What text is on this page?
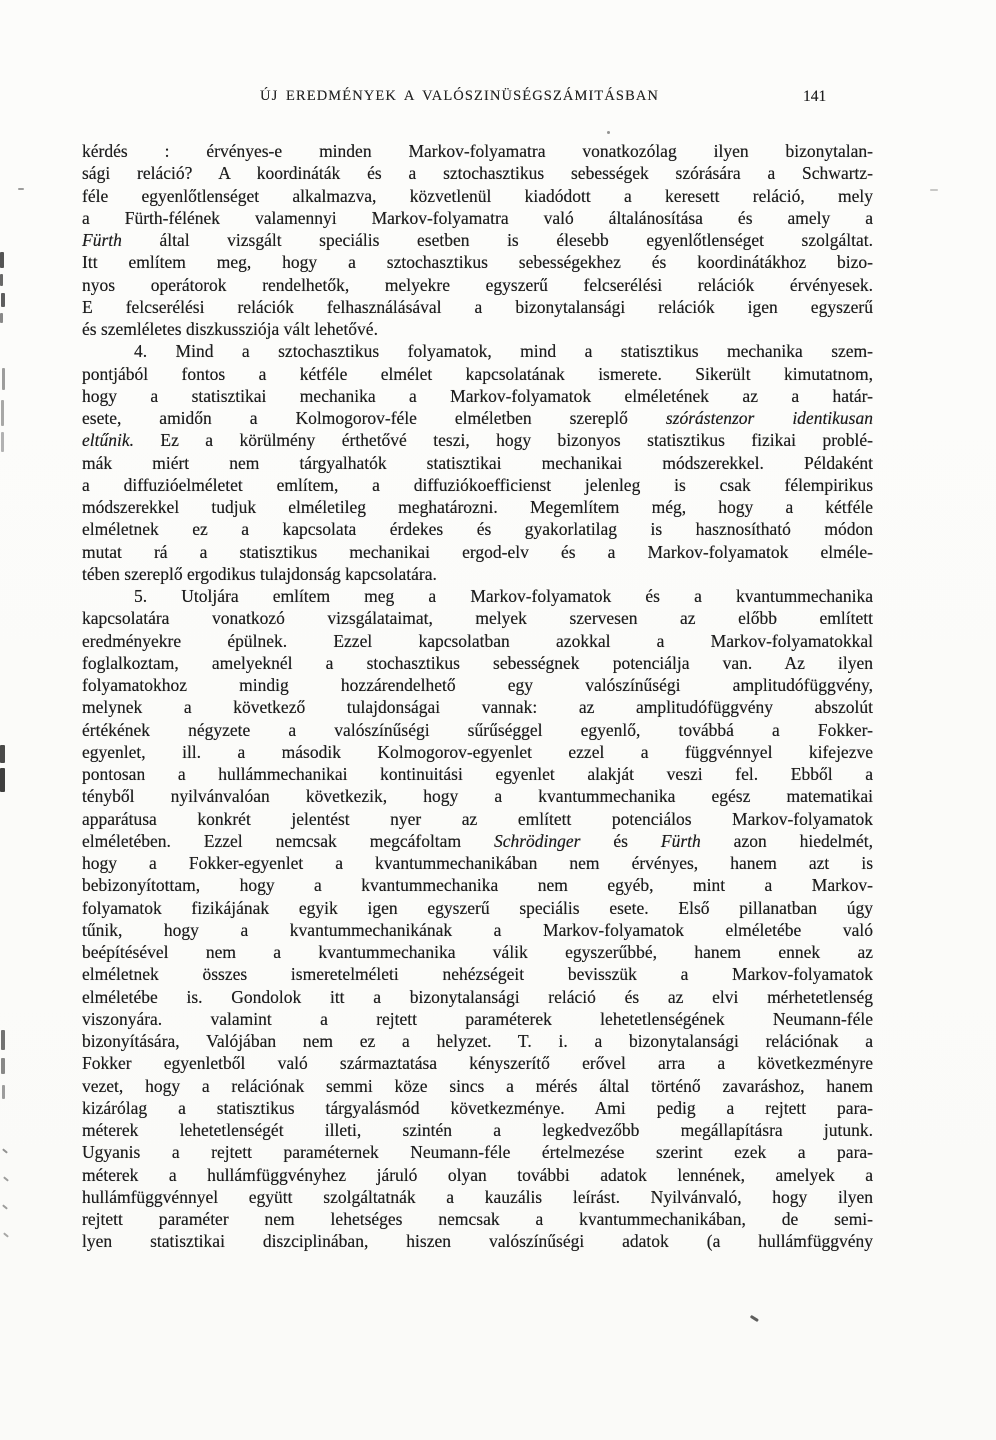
ÚJ EREDMÉNYEK A VALÓSZINÜSÉGSZÁMITÁSBAN	141
kérdés : érvényes-e minden Markov-folyamatra vonatkozólag ilyen bizonytalan-
sági reláció? A koordináták és a sztochasztikus sebességek szórására a Schwartz-
féle egyenlőtlenséget alkalmazva, közvetlenül kiadódott a keresett reláció, mely
a Fürth-félének valamennyi Markov-folyamatra való általánosítása és amely a
Fürth által vizsgált speciális esetben is élesebb egyenlőtlenséget szolgáltat.
Itt említem meg, hogy a sztochasztikus sebességekhez és koordinátákhoz bizo-
nyos operátorok rendelhetők, melyekre egyszerű felcserélési relációk érvényesek.
E felcserélési relációk felhasználásával a bizonytalansági relációk igen egyszerű
és szemléletes diszkussziója vált lehetővé.
4. Mind a sztochasztikus folyamatok, mind a statisztikus mechanika szem-
pontjából fontos a kétféle elmélet kapcsolatának ismerete. Sikerült kimutatnom,
hogy a statisztikai mechanika a Markov-folyamatok elméletének az a határ-
esete, amidőn a Kolmogorov-féle elméletben szereplő szórástenzor identikusan
eltűnik. Ez a körülmény érthetővé teszi, hogy bizonyos statisztikus fizikai problé-
mák miért nem tárgyalhatók statisztikai mechanikai módszerekkel. Példaként
a diffuzióelméletet említem, a diffuziókoefficienst jelenleg is csak félempirikus
módszerekkel tudjuk elméletileg meghatározni. Megemlítem még, hogy a kétféle
elméletnek ez a kapcsolata érdekes és gyakorlatilag is hasznosítható módon
mutat rá a statisztikus mechanikai ergod-elv és a Markov-folyamatok elméle-
tében szereplő ergodikus tulajdonság kapcsolatára.
5. Utoljára említem meg a Markov-folyamatok és a kvantummechanika
kapcsolatára vonatkozó vizsgálataimat, melyek szervesen az előbb említett
eredményekre épülnek. Ezzel kapcsolatban azokkal a Markov-folyamatokkal
foglalkoztam, amelyeknél a stochasztikus sebességnek potenciálja van. Az ilyen
folyamatokhoz mindig hozzárendelhető egy valószínűségi amplitudófüggvény,
melynek a következő tulajdonságai vannak: az amplitudófüggvény abszolút
értékének négyzete a valószínűségi sűrűséggel egyenlő, továbbá a Fokker-
egyenlet, ill. a második Kolmogorov-egyenlet ezzel a függvénnyel kifejezve
pontosan a hullámmechanikai kontinuitási egyenlet alakját veszi fel. Ebből a
tényből nyilvánvalóan következik, hogy a kvantummechanika egész matematikai
apparátusa konkrét jelentést nyer az említett potenciálos Markov-folyamatok
elméletében. Ezzel nemcsak megcáfoltam Schrödinger és Fürth azon hiedelmét,
hogy a Fokker-egyenlet a kvantummechanikában nem érvényes, hanem azt is
bebizonyítottam, hogy a kvantummechanika nem egyéb, mint a Markov-
folyamatok fizikájának egyik igen egyszerű speciális esete. Első pillanatban úgy
tűnik, hogy a kvantummechanikának a Markov-folyamatok elméletébe való
beépítésével nem a kvantummechanika válik egyszerűbbé, hanem ennek az
elméletnek összes ismeretelméleti nehézségeit bevisszük a Markov-folyamatok
elméletébe is. Gondolok itt a bizonytalansági reláció és az elvi mérhetetlenség
viszonyára. valamint a rejtett paraméterek lehetetlenségének Neumann-féle
bizonyítására, Valójában nem ez a helyzet. T. i. a bizonytalansági relációnak a
Fokker egyenletből való származtatása kényszerítő erővel arra a következményre
vezet, hogy a relációnak semmi köze sincs a mérés által történő zavaráshoz, hanem
kizárólag a statisztikus tárgyalásmód következménye. Ami pedig a rejtett para-
méterek lehetetlenségét illeti, szintén a legkedvezőbb megállapításra jutunk.
Ugyanis a rejtett paraméternek Neumann-féle értelmezése szerint ezek a para-
méterek a hullámfüggvényhez járuló olyan további adatok lennének, amelyek a
hullámfüggvénnyel együtt szolgáltatnák a kauzális leírást. Nyilvánvaló, hogy ilyen
rejtett paraméter nem lehetséges nemcsak a kvantummechanikában, de semi-
lyen statisztikai diszciplinában, hiszen valószínűségi adatok (a hullámfüggvény
